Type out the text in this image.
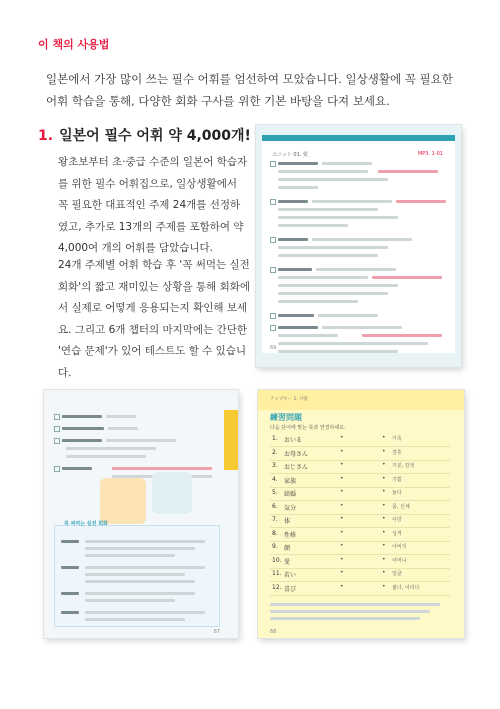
이 책의 사용법
일본에서 가장 많이 쓰는 필수 어휘를 엄선하여 모았습니다. 일상생활에 꼭 필요한 어휘 학습을 통해, 다양한 회화 구사를 위한 기본 바탕을 다져 보세요.
1. 일본어 필수 어휘 약 4,000개!
왕초보부터 초·중급 수준의 일본어 학습자를 위한 필수 어휘집으로, 일상생활에서 꼭 필요한 대표적인 주제 24개를 선정하였고, 추가로 13개의 주제를 포함하여 약 4,000여 개의 어휘를 담았습니다.
24개 주제별 어휘 학습 후 '꼭 써먹는 실전 회화'의 짧고 재미있는 상황을 통해 회화에서 실제로 어떻게 응용되는지 확인해 보세요. 그리고 6개 챕터의 마지막에는 간단한 '연습 문제'가 있어 테스트도 할 수 있습니다.
ユニット 01. 愛	MP3. 1-01
69
꼭 써먹는 실전 회화
67
チャプター 1. 사람
練習問題
다음 단어에 맞는 뜻과 연결하세요.
1. おいる	•	• 가족
2. お母さん	•	• 결혼
3. おじさん	•	• 기분, 감정
4. 家族	•	• 기쁨
5. 結婚	•	• 늙다
6. 気分	•	• 몸, 신체
7. 体	•	• 사랑
8. 性格	•	• 성격
9. 顔	•	• 아버지
10. 愛	•	• 어머니
11. 若い	•	• 얼굴
12. 喜び	•	• 젊다, 어리다
68
